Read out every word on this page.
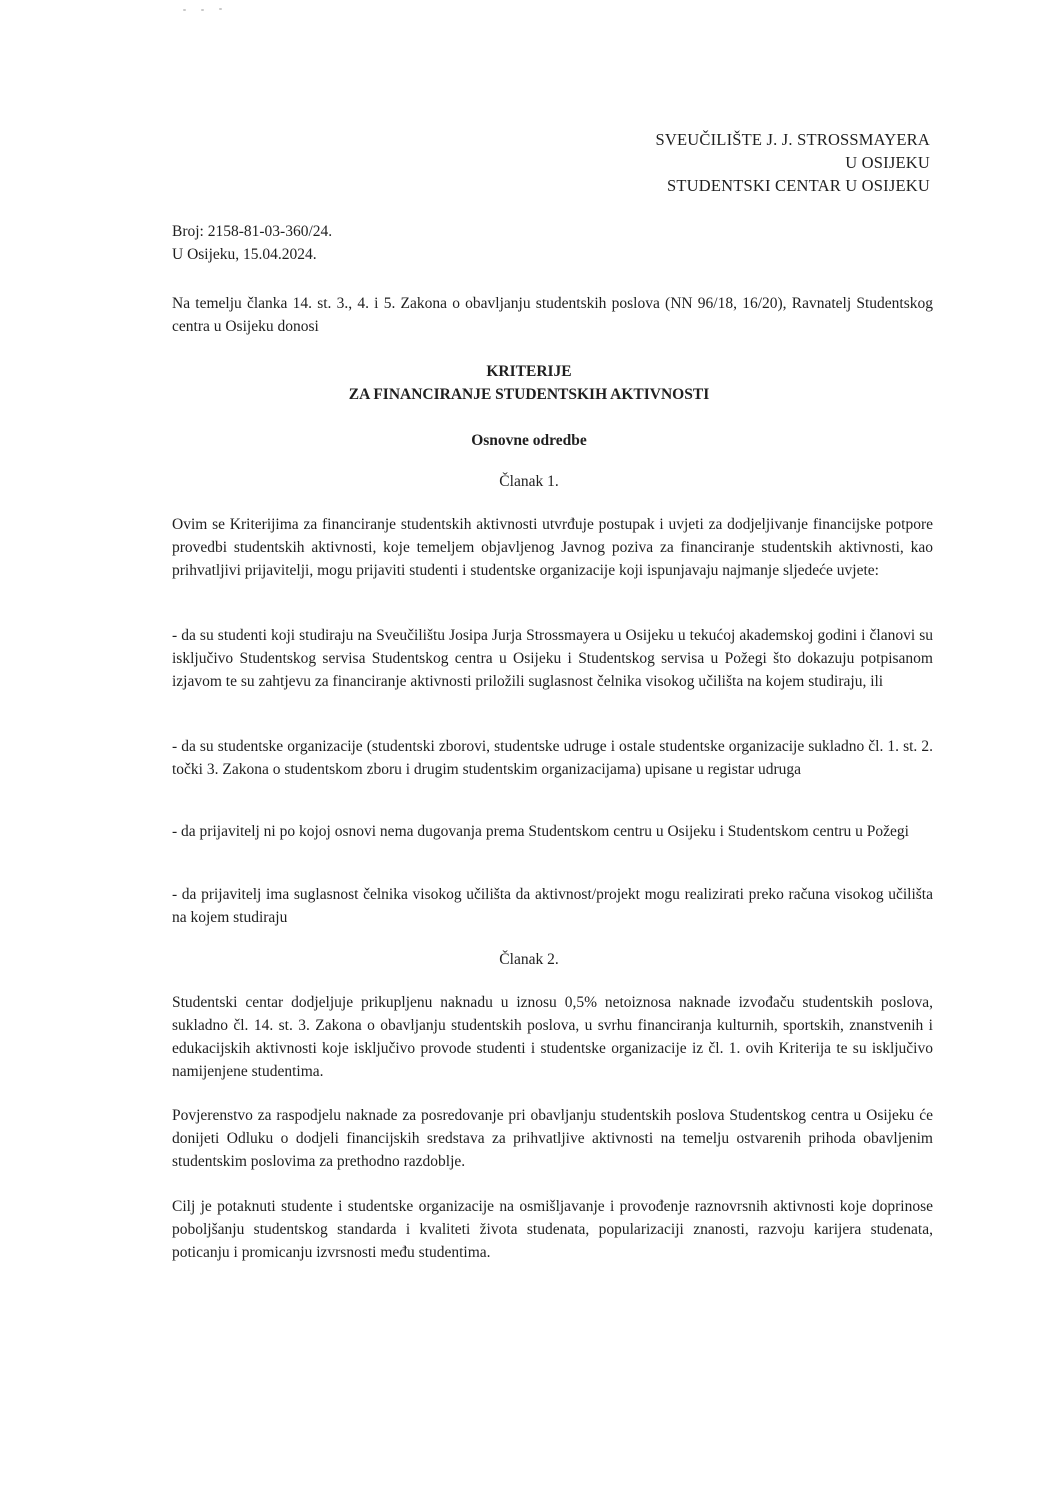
SVEUČILIŠTE J. J. STROSSMAYERA
U OSIJEKU
STUDENTSKI CENTAR U OSIJEKU
Broj: 2158-81-03-360/24.
U Osijeku, 15.04.2024.
Na temelju članka 14. st. 3., 4. i 5. Zakona o obavljanju studentskih poslova (NN 96/18, 16/20), Ravnatelj Studentskog centra u Osijeku donosi
KRITERIJE
ZA FINANCIRANJE STUDENTSKIH AKTIVNOSTI
Osnovne odredbe
Članak 1.
Ovim se Kriterijima za financiranje studentskih aktivnosti utvrđuje postupak i uvjeti za dodjeljivanje financijske potpore provedbi studentskih aktivnosti, koje temeljem objavljenog Javnog poziva za financiranje studentskih aktivnosti, kao prihvatljivi prijavitelji, mogu prijaviti studenti i studentske organizacije koji ispunjavaju najmanje sljedeće uvjete:
- da su studenti koji studiraju na Sveučilištu Josipa Jurja Strossmayera u Osijeku u tekućoj akademskoj godini i članovi su isključivo Studentskog servisa Studentskog centra u Osijeku i Studentskog servisa u Požegi što dokazuju potpisanom izjavom te su zahtjevu za financiranje aktivnosti priložili suglasnost čelnika visokog učilišta na kojem studiraju, ili
- da su studentske organizacije (studentski zborovi, studentske udruge i ostale studentske organizacije sukladno čl. 1. st. 2. točki 3. Zakona o studentskom zboru i drugim studentskim organizacijama) upisane u registar udruga
- da prijavitelj ni po kojoj osnovi nema dugovanja prema Studentskom centru u Osijeku i Studentskom centru u Požegi
- da prijavitelj ima suglasnost čelnika visokog učilišta da aktivnost/projekt mogu realizirati preko računa visokog učilišta na kojem studiraju
Članak 2.
Studentski centar dodjeljuje prikupljenu naknadu u iznosu 0,5% netoiznosa naknade izvođaču studentskih poslova, sukladno čl. 14. st. 3. Zakona o obavljanju studentskih poslova, u svrhu financiranja kulturnih, sportskih, znanstvenih i edukacijskih aktivnosti koje isključivo provode studenti i studentske organizacije iz čl. 1. ovih Kriterija te su isključivo namijenjene studentima.
Povjerenstvo za raspodjelu naknade za posredovanje pri obavljanju studentskih poslova Studentskog centra u Osijeku će donijeti Odluku o dodjeli financijskih sredstava za prihvatljive aktivnosti na temelju ostvarenih prihoda obavljenim studentskim poslovima za prethodno razdoblje.
Cilj je potaknuti studente i studentske organizacije na osmišljavanje i provođenje raznovrsnih aktivnosti koje doprinose poboljšanju studentskog standarda i kvaliteti života studenata, popularizaciji znanosti, razvoju karijera studenata, poticanju i promicanju izvrsnosti među studentima.
